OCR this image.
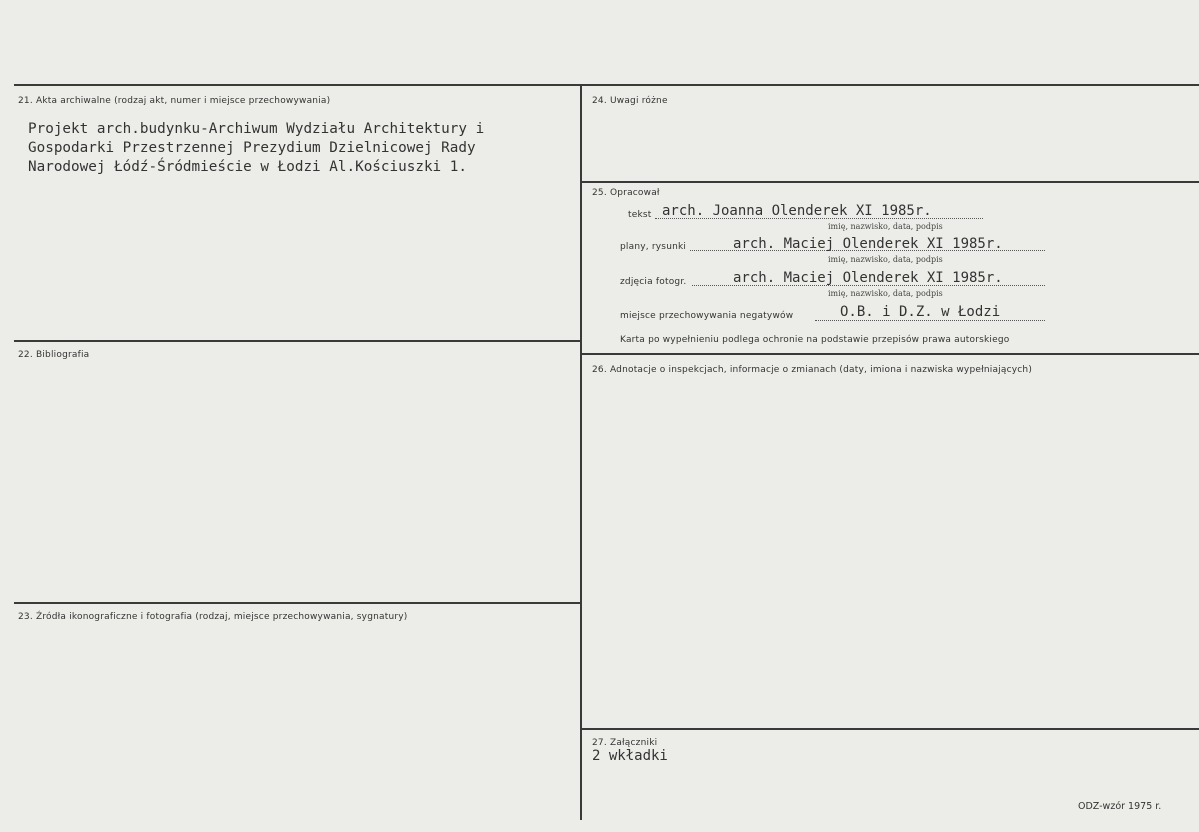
21. Akta archiwalne (rodzaj akt, numer i miejsce przechowywania)
Projekt arch.budynku-Archiwum Wydziału Architektury i
Gospodarki Przestrzennej Prezydium Dzielnicowej Rady
Narodowej Łódź-Śródmieście w Łodzi Al.Kościuszki 1.
22. Bibliografia
23. Źródła ikonograficzne i fotografia (rodzaj, miejsce przechowywania, sygnatury)
24. Uwagi różne
25. Opracował
tekst arch. Joanna Olenderek XI 1985r.
imię, nazwisko, data, podpis
plany, rysunki	arch. Maciej Olenderek XI 1985r.
imię, nazwisko, data, podpis
zdjęcia fotogr.	arch. Maciej Olenderek XI 1985r.
imię, nazwisko, data, podpis
miejsce przechowywania negatywów	O.B. i D.Z. w Łodzi
Karta po wypełnieniu podlega ochronie na podstawie przepisów prawa autorskiego
26. Adnotacje o inspekcjach, informacje o zmianach (daty, imiona i nazwiska wypełniających)
27. Załączniki
2 wkładki
ODZ-wzór 1975 r.
